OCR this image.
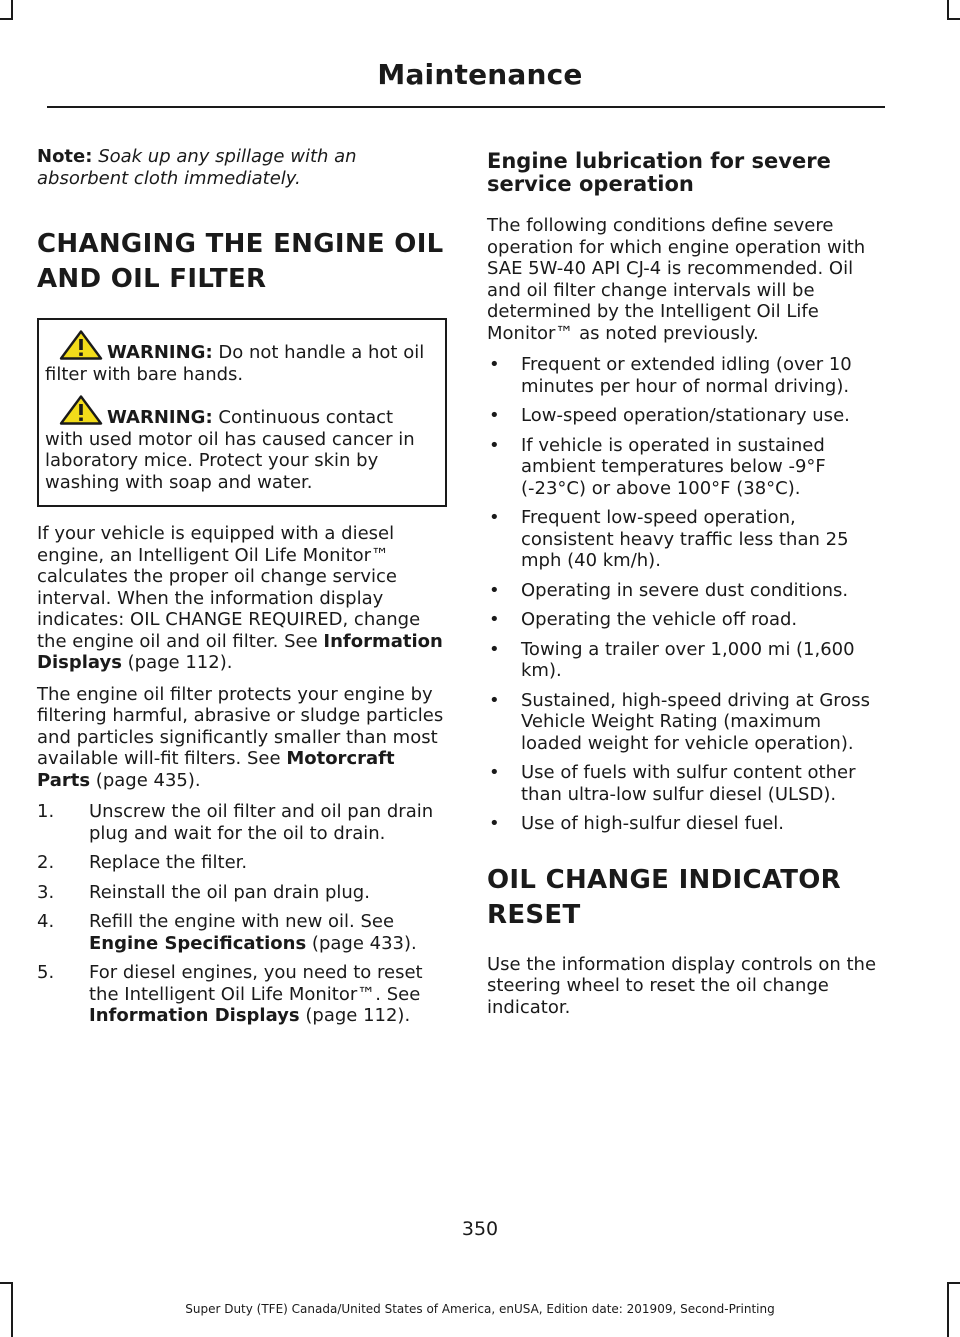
Maintenance

Note: Soak up any spillage with an absorbent cloth immediately.

CHANGING THE ENGINE OIL
AND OIL FILTER

WARNING: Do not handle a hot oil filter with bare hands.

WARNING: Continuous contact with used motor oil has caused cancer in laboratory mice. Protect your skin by washing with soap and water.

If your vehicle is equipped with a diesel engine, an Intelligent Oil Life Monitor™ calculates the proper oil change service interval. When the information display indicates: OIL CHANGE REQUIRED, change the engine oil and oil filter. See Information Displays (page 112).

The engine oil filter protects your engine by filtering harmful, abrasive or sludge particles and particles significantly smaller than most available will-fit filters. See Motorcraft Parts (page 435).

1. Unscrew the oil filter and oil pan drain plug and wait for the oil to drain.
2. Replace the filter.
3. Reinstall the oil pan drain plug.
4. Refill the engine with new oil. See Engine Specifications (page 433).
5. For diesel engines, you need to reset the Intelligent Oil Life Monitor™. See Information Displays (page 112).
Engine lubrication for severe service operation

The following conditions define severe operation for which engine operation with SAE 5W-40 API CJ-4 is recommended. Oil and oil filter change intervals will be determined by the Intelligent Oil Life Monitor™ as noted previously.

• Frequent or extended idling (over 10 minutes per hour of normal driving).
• Low-speed operation/stationary use.
• If vehicle is operated in sustained ambient temperatures below -9°F (-23°C) or above 100°F (38°C).
• Frequent low-speed operation, consistent heavy traffic less than 25 mph (40 km/h).
• Operating in severe dust conditions.
• Operating the vehicle off road.
• Towing a trailer over 1,000 mi (1,600 km).
• Sustained, high-speed driving at Gross Vehicle Weight Rating (maximum loaded weight for vehicle operation).
• Use of fuels with sulfur content other than ultra-low sulfur diesel (ULSD).
• Use of high-sulfur diesel fuel.
OIL CHANGE INDICATOR
RESET

Use the information display controls on the steering wheel to reset the oil change indicator.

350
Super Duty (TFE) Canada/United States of America, enUSA, Edition date: 201909, Second-Printing
